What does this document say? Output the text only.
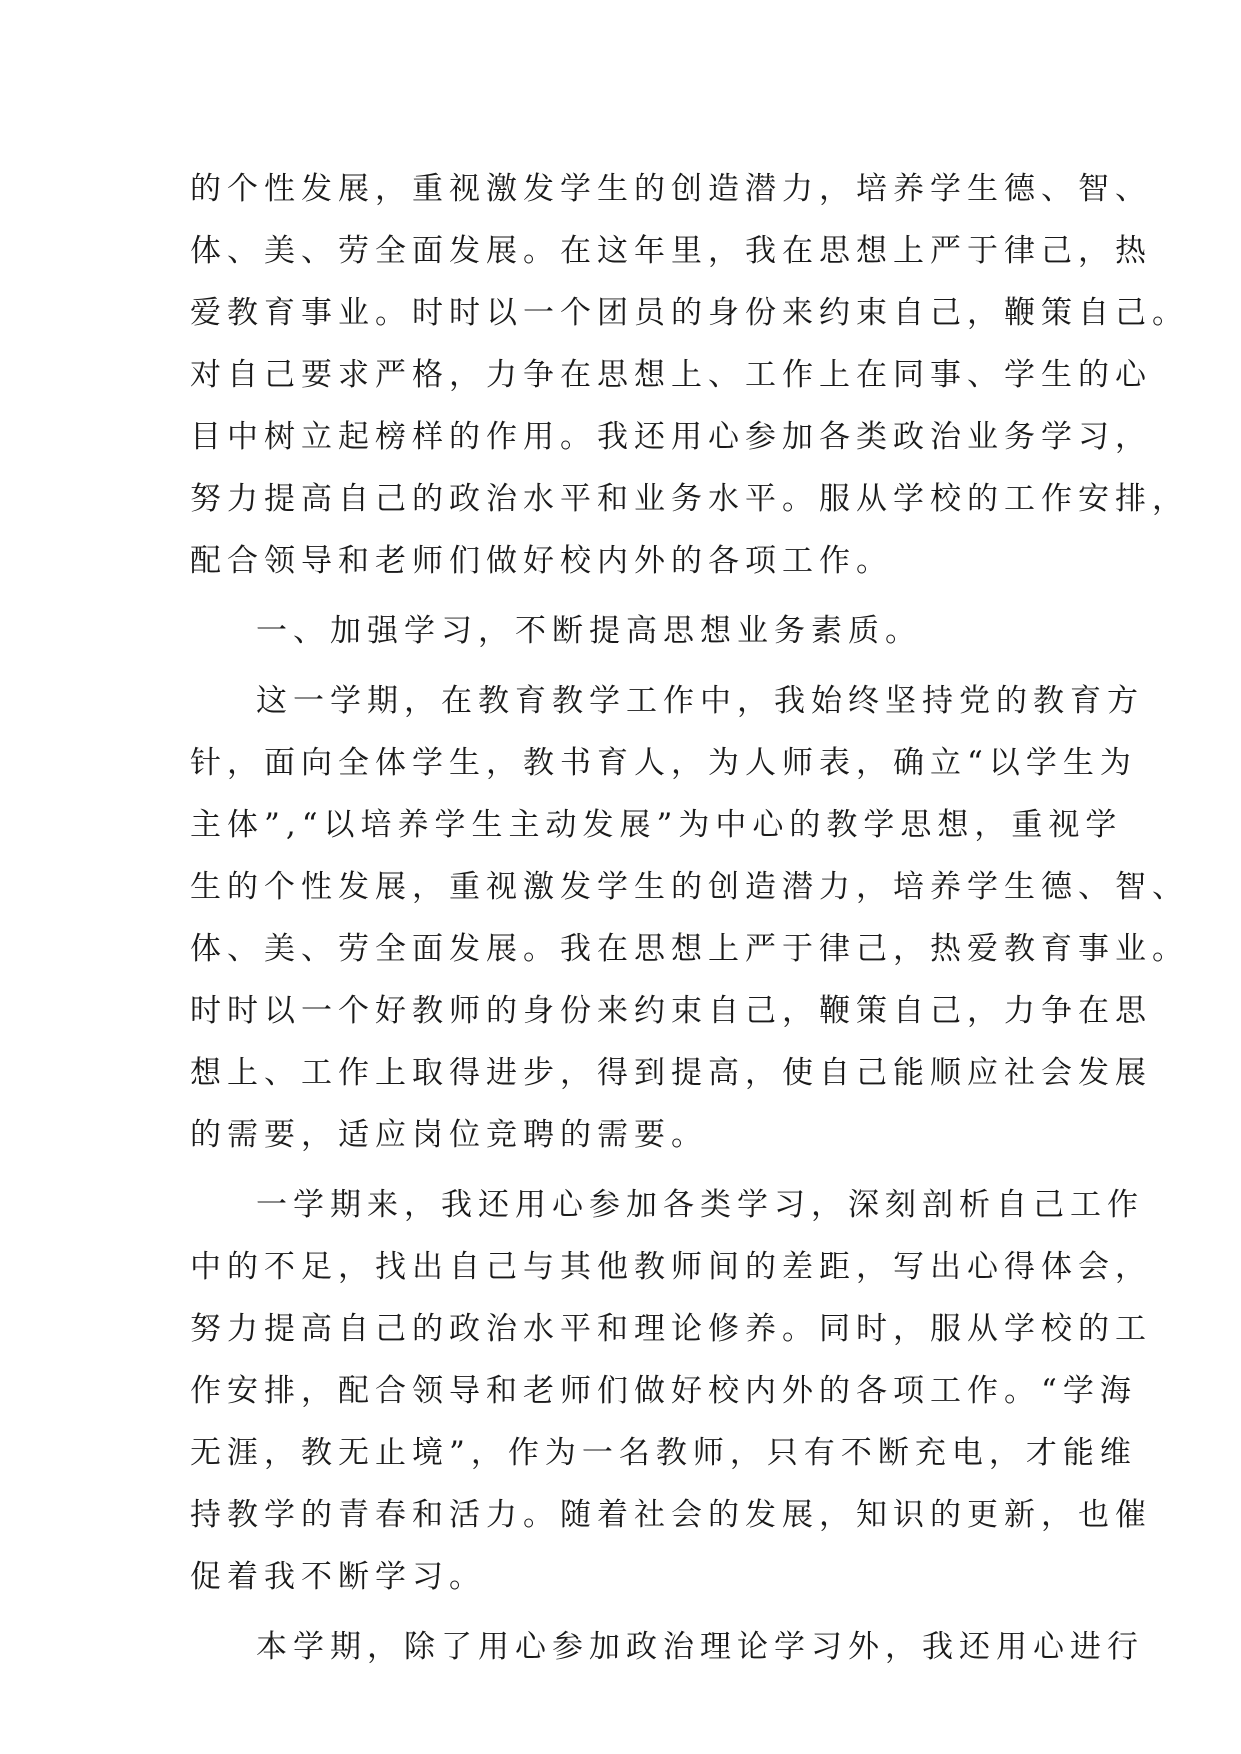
的个性发展，重视激发学生的创造潜力，培养学生德、智、
体、美、劳全面发展。在这年里，我在思想上严于律己，热
爱教育事业。时时以一个团员的身份来约束自己，鞭策自己。
对自己要求严格，力争在思想上、工作上在同事、学生的心
目中树立起榜样的作用。我还用心参加各类政治业务学习，
努力提高自己的政治水平和业务水平。服从学校的工作安排，
配合领导和老师们做好校内外的各项工作。
一、加强学习，不断提高思想业务素质。
这一学期，在教育教学工作中，我始终坚持党的教育方
针，面向全体学生，教书育人，为人师表，确立“以学生为
主体”,“以培养学生主动发展”为中心的教学思想，重视学
生的个性发展，重视激发学生的创造潜力，培养学生德、智、
体、美、劳全面发展。我在思想上严于律己，热爱教育事业。
时时以一个好教师的身份来约束自己，鞭策自己，力争在思
想上、工作上取得进步，得到提高，使自己能顺应社会发展
的需要，适应岗位竞聘的需要。
一学期来，我还用心参加各类学习，深刻剖析自己工作
中的不足，找出自己与其他教师间的差距，写出心得体会，
努力提高自己的政治水平和理论修养。同时，服从学校的工
作安排，配合领导和老师们做好校内外的各项工作。“学海
无涯，教无止境”，作为一名教师，只有不断充电，才能维
持教学的青春和活力。随着社会的发展，知识的更新，也催
促着我不断学习。
本学期，除了用心参加政治理论学习外，我还用心进行
